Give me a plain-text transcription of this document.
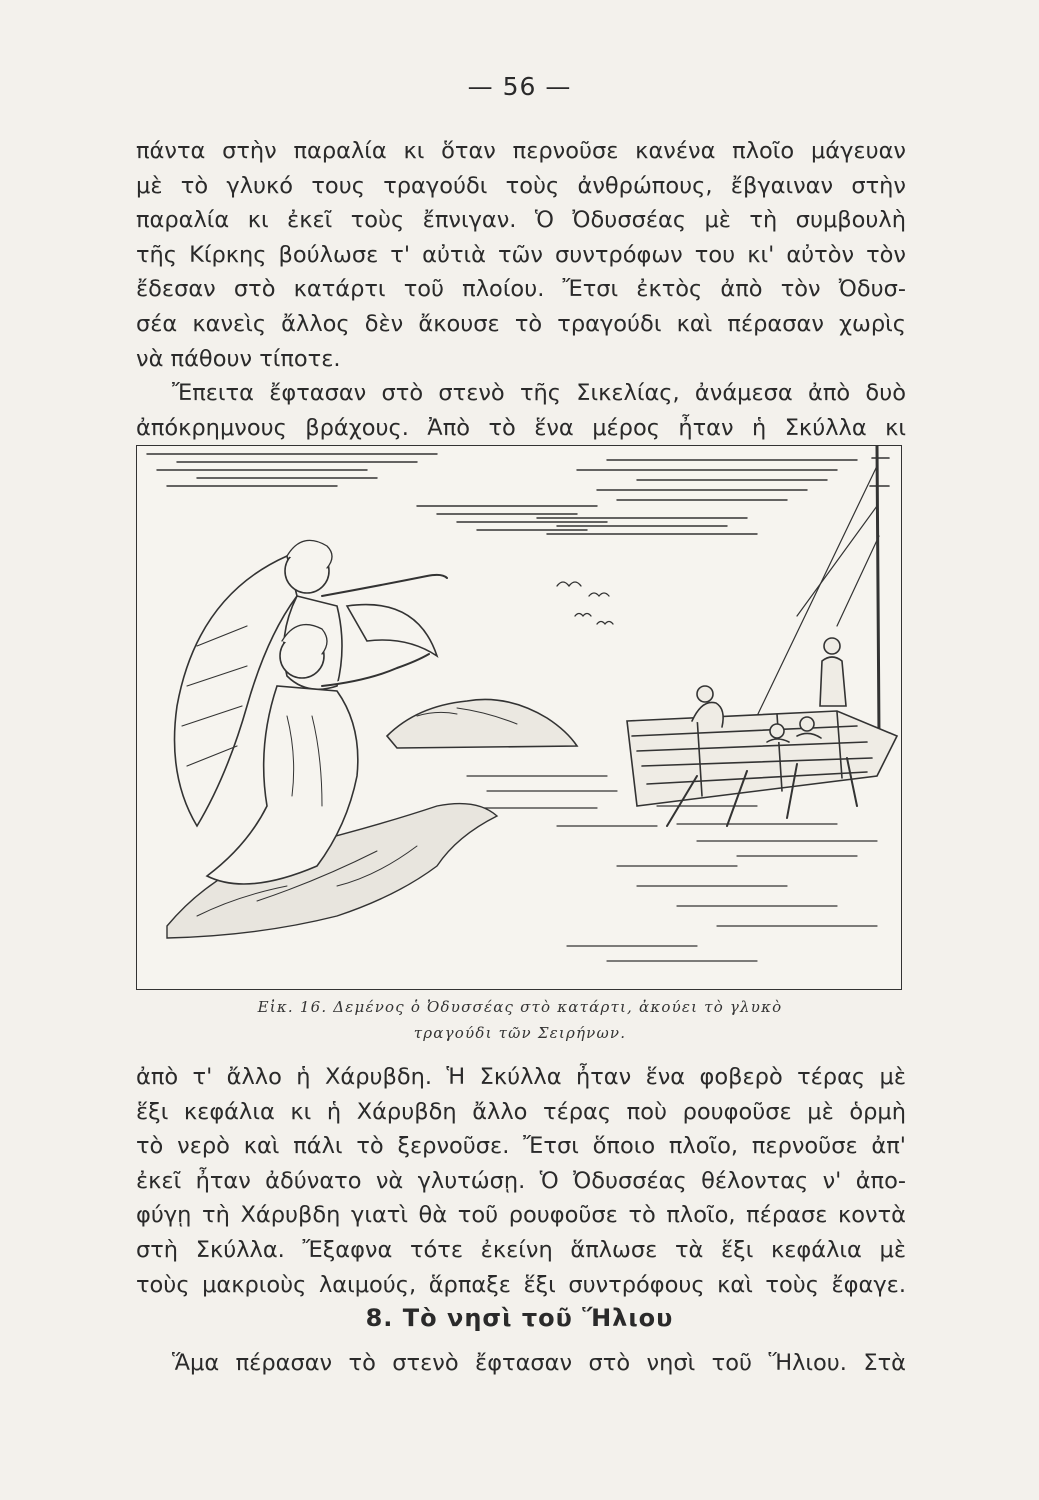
— 56 —
πάντα στὴν παραλία κι ὅταν περνοῦσε κανένα πλοῖο μάγευαν
μὲ τὸ γλυκό τους τραγούδι τοὺς ἀνθρώπους, ἔβγαιναν στὴν
παραλία κι ἐκεῖ τοὺς ἔπνιγαν. Ὁ Ὀδυσσέας μὲ τὴ συμβουλὴ
τῆς Κίρκης βούλωσε τ' αὐτιὰ τῶν συντρόφων του κι' αὐτὸν τὸν
ἔδεσαν στὸ κατάρτι τοῦ πλοίου. Ἔτσι ἐκτὸς ἀπὸ τὸν Ὀδυσ-
σέα κανεὶς ἄλλος δὲν ἄκουσε τὸ τραγούδι καὶ πέρασαν χωρὶς
νὰ πάθουν τίποτε.
Ἔπειτα ἔφτασαν στὸ στενὸ τῆς Σικελίας, ἀνάμεσα ἀπὸ δυὸ
ἀπόκρημνους βράχους. Ἀπὸ τὸ ἕνα μέρος ἦταν ἡ Σκύλλα κι
Εἰκ. 16. Δεμένος ὁ Ὀδυσσέας στὸ κατάρτι, ἀκούει τὸ γλυκὸ
τραγούδι τῶν Σειρήνων.
ἀπὸ τ' ἄλλο ἡ Χάρυβδη. Ἡ Σκύλλα ἦταν ἕνα φοβερὸ τέρας μὲ
ἕξι κεφάλια κι ἡ Χάρυβδη ἄλλο τέρας ποὺ ρουφοῦσε μὲ ὁρμὴ
τὸ νερὸ καὶ πάλι τὸ ξερνοῦσε. Ἔτσι ὅποιο πλοῖο, περνοῦσε ἀπ'
ἐκεῖ ἦταν ἀδύνατο νὰ γλυτώσῃ. Ὁ Ὀδυσσέας θέλοντας ν' ἀπο-
φύγῃ τὴ Χάρυβδη γιατὶ θὰ τοῦ ρουφοῦσε τὸ πλοῖο, πέρασε κοντὰ
στὴ Σκύλλα. Ἔξαφνα τότε ἐκείνη ἅπλωσε τὰ ἕξι κεφάλια μὲ
τοὺς μακριοὺς λαιμούς, ἅρπαξε ἕξι συντρόφους καὶ τοὺς ἔφαγε.
8. Τὸ νησὶ τοῦ Ἥλιου
Ἅμα πέρασαν τὸ στενὸ ἔφτασαν στὸ νησὶ τοῦ Ἥλιου. Στὰ
